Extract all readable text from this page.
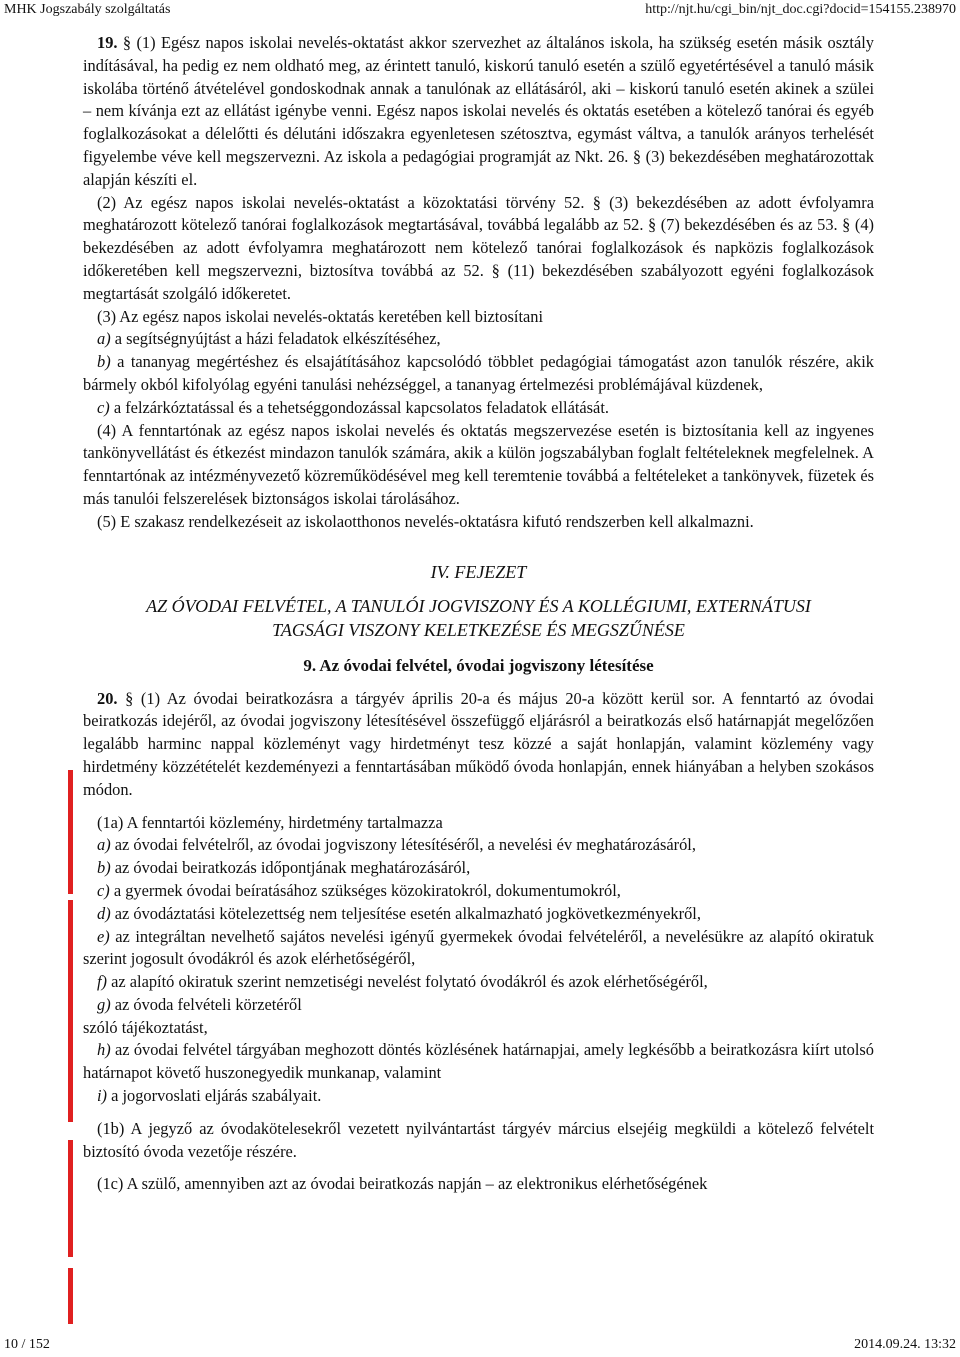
MHK Jogszabály szolgáltatás	http://njt.hu/cgi_bin/njt_doc.cgi?docid=154155.238970

19. § (1) Egész napos iskolai nevelés-oktatást akkor szervezhet az általános iskola, ha szükség esetén másik osztály indításával, ha pedig ez nem oldható meg, az érintett tanuló, kiskorú tanuló esetén a szülő egyetértésével a tanuló másik iskolába történő átvételével gondoskodnak annak a tanulónak az ellátásáról, aki – kiskorú tanuló esetén akinek a szülei – nem kívánja ezt az ellátást igénybe venni. Egész napos iskolai nevelés és oktatás esetében a kötelező tanórai és egyéb foglalkozásokat a délelőtti és délutáni időszakra egyenletesen szétosztva, egymást váltva, a tanulók arányos terhelését figyelembe véve kell megszervezni. Az iskola a pedagógiai programját az Nkt. 26. § (3) bekezdésében meghatározottak alapján készíti el.

(2) Az egész napos iskolai nevelés-oktatást a közoktatási törvény 52. § (3) bekezdésében az adott évfolyamra meghatározott kötelező tanórai foglalkozások megtartásával, továbbá legalább az 52. § (7) bekezdésében és az 53. § (4) bekezdésében az adott évfolyamra meghatározott nem kötelező tanórai foglalkozások és napközis foglalkozások időkeretében kell megszervezni, biztosítva továbbá az 52. § (11) bekezdésében szabályozott egyéni foglalkozások megtartását szolgáló időkeretet.

(3) Az egész napos iskolai nevelés-oktatás keretében kell biztosítani

a) a segítségnyújtást a házi feladatok elkészítéséhez,

b) a tananyag megértéshez és elsajátításához kapcsolódó többlet pedagógiai támogatást azon tanulók részére, akik bármely okból kifolyólag egyéni tanulási nehézséggel, a tananyag értelmezési problémájával küzdenek,

c) a felzárkóztatással és a tehetséggondozással kapcsolatos feladatok ellátását.

(4) A fenntartónak az egész napos iskolai nevelés és oktatás megszervezése esetén is biztosítania kell az ingyenes tankönyvellátást és étkezést mindazon tanulók számára, akik a külön jogszabályban foglalt feltételeknek megfelelnek. A fenntartónak az intézményvezető közreműködésével meg kell teremtenie továbbá a feltételeket a tankönyvek, füzetek és más tanulói felszerelések biztonságos iskolai tárolásához.

(5) E szakasz rendelkezéseit az iskolaotthonos nevelés-oktatásra kifutó rendszerben kell alkalmazni.

IV. FEJEZET
AZ ÓVODAI FELVÉTEL, A TANULÓI JOGVISZONY ÉS A KOLLÉGIUMI, EXTERNÁTUSI
TAGSÁGI VISZONY KELETKEZÉSE ÉS MEGSZŰNÉSE
9. Az óvodai felvétel, óvodai jogviszony létesítése

20. § (1) Az óvodai beiratkozásra a tárgyév április 20-a és május 20-a között kerül sor. A fenntartó az óvodai beiratkozás idejéről, az óvodai jogviszony létesítésével összefüggő eljárásról a beiratkozás első határnapját megelőzően legalább harminc nappal közleményt vagy hirdetményt tesz közzé a saját honlapján, valamint közlemény vagy hirdetmény közzétételét kezdeményezi a fenntartásában működő óvoda honlapján, ennek hiányában a helyben szokásos módon.

(1a) A fenntartói közlemény, hirdetmény tartalmazza

a) az óvodai felvételről, az óvodai jogviszony létesítéséről, a nevelési év meghatározásáról,

b) az óvodai beiratkozás időpontjának meghatározásáról,

c) a gyermek óvodai beíratásához szükséges közokiratokról, dokumentumokról,

d) az óvodáztatási kötelezettség nem teljesítése esetén alkalmazható jogkövetkezményekről,

e) az integráltan nevelhető sajátos nevelési igényű gyermekek óvodai felvételéről, a nevelésükre az alapító okiratuk szerint jogosult óvodákról és azok elérhetőségéről,

f) az alapító okiratuk szerint nemzetiségi nevelést folytató óvodákról és azok elérhetőségéről,

g) az óvoda felvételi körzetéről

szóló tájékoztatást,

h) az óvodai felvétel tárgyában meghozott döntés közlésének határnapjai, amely legkésőbb a beiratkozásra kiírt utolsó határnapot követő huszonegyedik munkanap, valamint

i) a jogorvoslati eljárás szabályait.

(1b) A jegyző az óvodakötelesekről vezetett nyilvántartást tárgyév március elsejéig megküldi a kötelező felvételt biztosító óvoda vezetője részére.

(1c) A szülő, amennyiben azt az óvodai beiratkozás napján – az elektronikus elérhetőségének

10 / 152	2014.09.24. 13:32
